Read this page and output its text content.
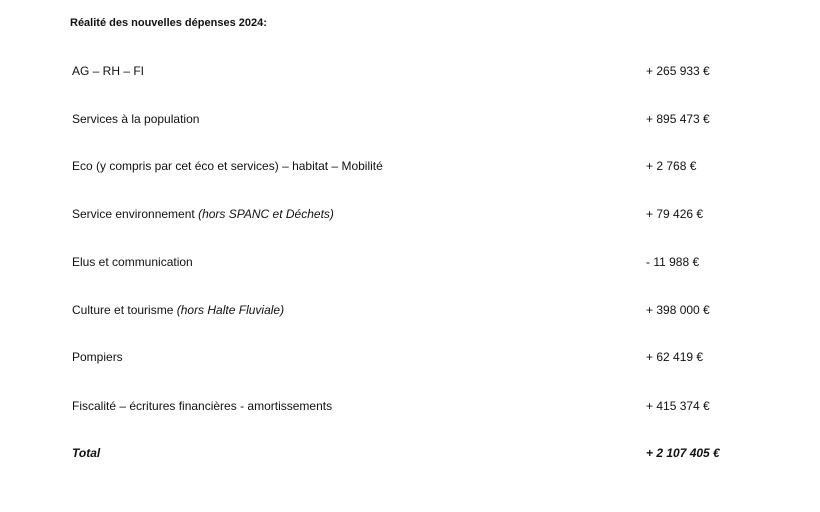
Réalité des nouvelles dépenses 2024:
AG – RH – FI	+ 265 933 €
Services à la population	+ 895 473 €
Eco (y compris par cet éco et services) – habitat – Mobilité	+ 2 768 €
Service environnement (hors SPANC et Déchets)	+ 79 426 €
Elus et communication	- 11 988 €
Culture et tourisme (hors Halte Fluviale)	+ 398 000 €
Pompiers	+ 62 419 €
Fiscalité – écritures financières - amortissements	+ 415 374 €
Total	+ 2 107 405 €
